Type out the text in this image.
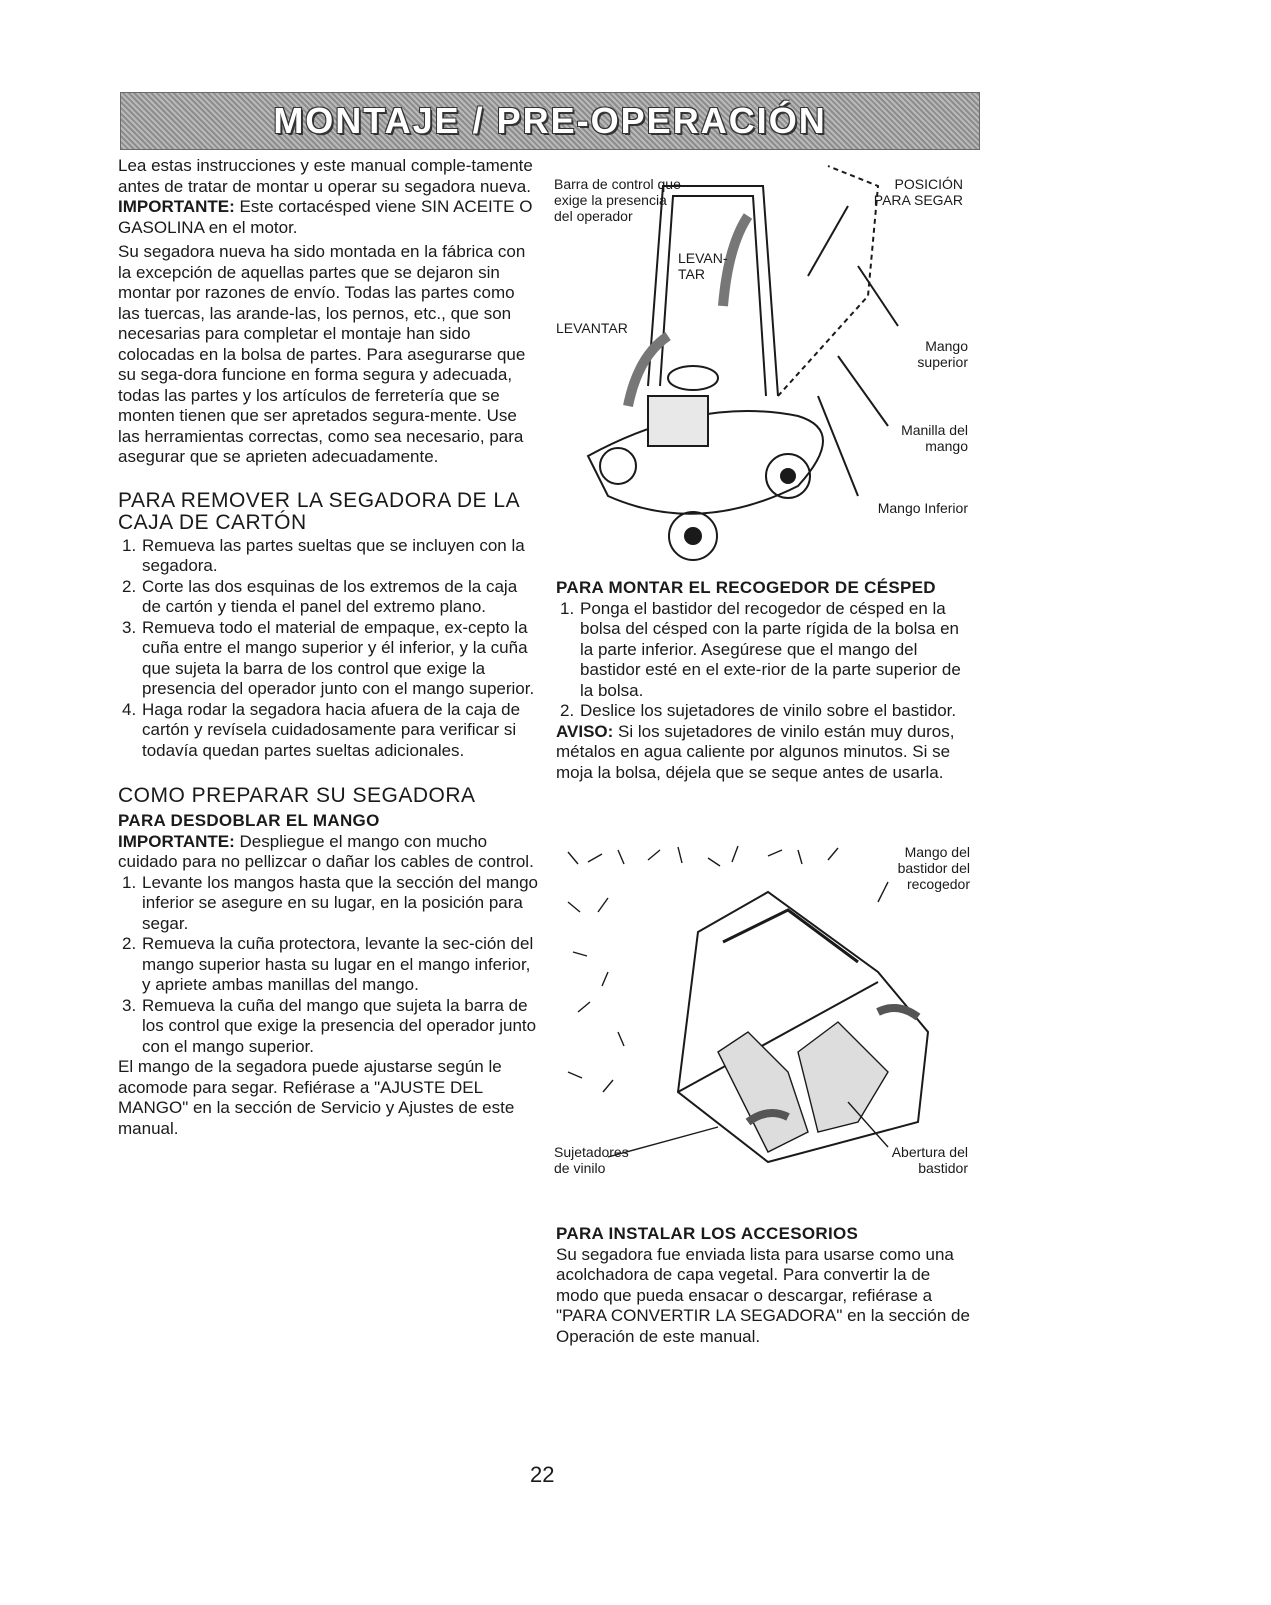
MONTAJE / PRE-OPERACIÓN

Lea estas instrucciones y este manual comple-tamente antes de tratar de montar u operar su segadora nueva.

IMPORTANTE: Este cortacésped viene SIN ACEITE O GASOLINA en el motor.

Su segadora nueva ha sido montada en la fábrica con la excepción de aquellas partes que se dejaron sin montar por razones de envío. Todas las partes como las tuercas, las arande-las, los pernos, etc., que son necesarias para completar el montaje han sido colocadas en la bolsa de partes. Para asegurarse que su sega-dora funcione en forma segura y adecuada, todas las partes y los artículos de ferretería que se monten tienen que ser apretados segura-mente. Use las herramientas correctas, como sea necesario, para asegurar que se aprieten adecuadamente.

PARA REMOVER LA SEGADORA DE LA CAJA DE CARTÓN
1. Remueva las partes sueltas que se incluyen con la segadora.
2. Corte las dos esquinas de los extremos de la caja de cartón y tienda el panel del extremo plano.
3. Remueva todo el material de empaque, ex-cepto la cuña entre el mango superior y él inferior, y la cuña que sujeta la barra de los control que exige la presencia del operador junto con el mango superior.
4. Haga rodar la segadora hacia afuera de la caja de cartón y revísela cuidadosamente para verificar si todavía quedan partes sueltas adicionales.
COMO PREPARAR SU SEGADORA
PARA DESDOBLAR EL MANGO

IMPORTANTE: Despliegue el mango con mucho cuidado para no pellizcar o dañar los cables de control.

1. Levante los mangos hasta que la sección del mango inferior se asegure en su lugar, en la posición para segar.
2. Remueva la cuña protectora, levante la sec-ción del mango superior hasta su lugar en el mango inferior, y apriete ambas manillas del mango.
3. Remueva la cuña del mango que sujeta la barra de los control que exige la presencia del operador junto con el mango superior.

El mango de la segadora puede ajustarse según le acomode para segar. Refiérase a "AJUSTE DEL MANGO" en la sección de Servicio y Ajustes de este manual.

Barra de control que exige la presencia del operador
POSICIÓN PARA SEGAR
LEVAN-TAR
LEVANTAR
Mango superior
Manilla del mango
Mango Inferior
PARA MONTAR EL RECOGEDOR DE CÉSPED
1. Ponga el bastidor del recogedor de césped en la bolsa del césped con la parte rígida de la bolsa en la parte inferior. Asegúrese que el mango del bastidor esté en el exte-rior de la parte superior de la bolsa.
2. Deslice los sujetadores de vinilo sobre el bastidor.

AVISO: Si los sujetadores de vinilo están muy duros, métalos en agua caliente por algunos minutos. Si se moja la bolsa, déjela que se seque antes de usarla.

Mango del bastidor del recogedor
Sujetadores de vinilo
Abertura del bastidor
PARA INSTALAR LOS ACCESORIOS

Su segadora fue enviada lista para usarse como una acolchadora de capa vegetal. Para convertir la de modo que pueda ensacar o descargar, refiérase a "PARA CONVERTIR LA SEGADORA" en la sección de Operación de este manual.

22
